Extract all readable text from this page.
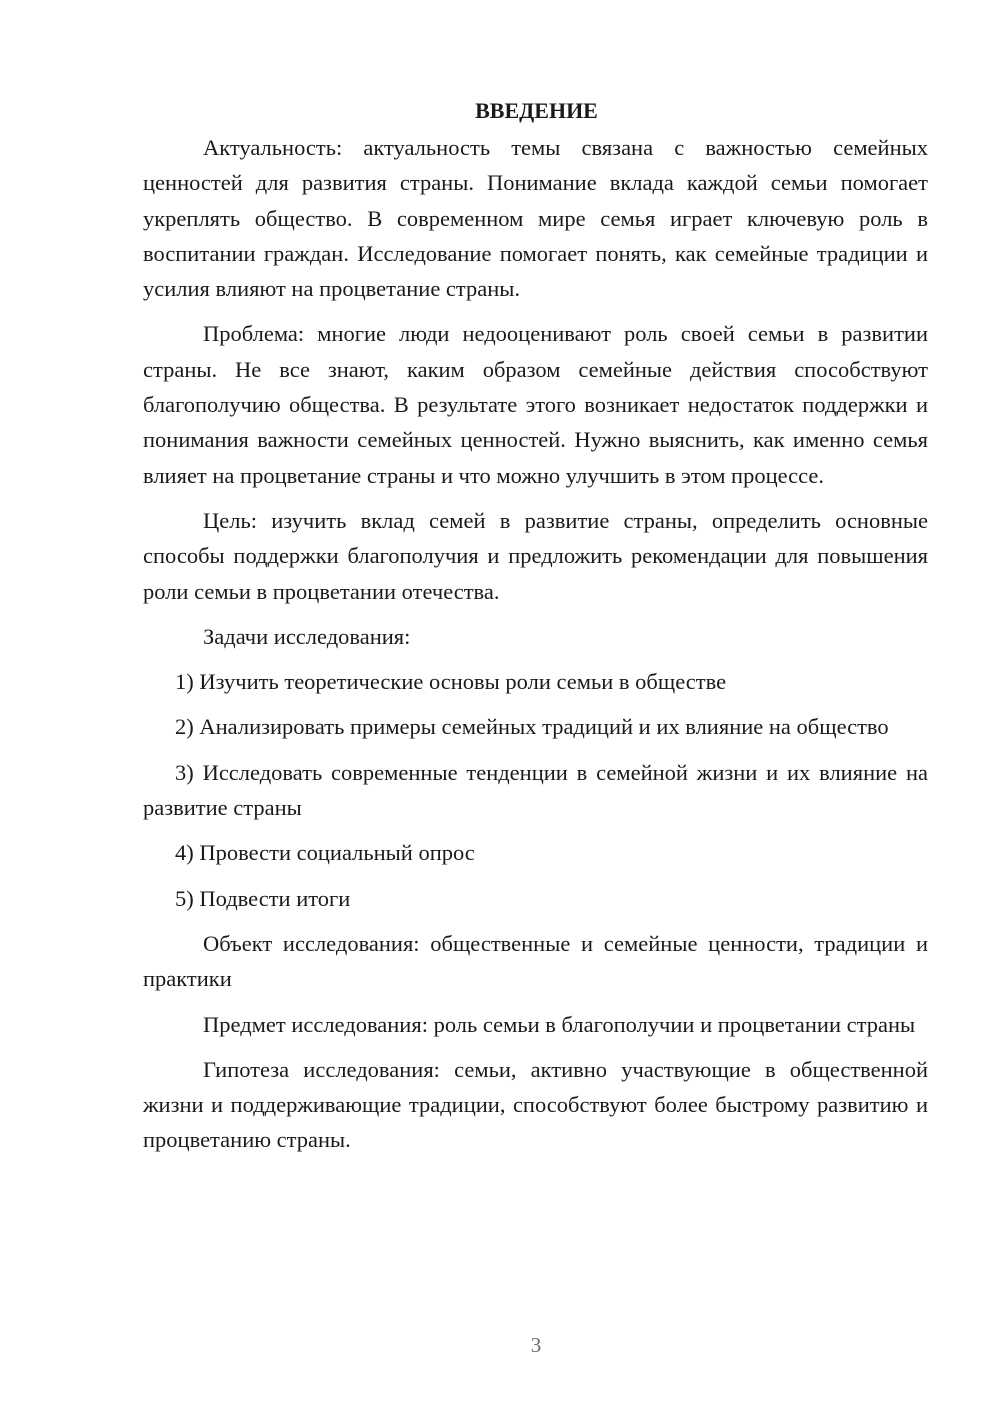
ВВЕДЕНИЕ

Актуальность: актуальность темы связана с важностью семейных ценностей для развития страны. Понимание вклада каждой семьи помогает укреплять общество. В современном мире семья играет ключевую роль в воспитании граждан. Исследование помогает понять, как семейные традиции и усилия влияют на процветание страны.

Проблема: многие люди недооценивают роль своей семьи в развитии страны. Не все знают, каким образом семейные действия способствуют благополучию общества. В результате этого возникает недостаток поддержки и понимания важности семейных ценностей. Нужно выяснить, как именно семья влияет на процветание страны и что можно улучшить в этом процессе.

Цель: изучить вклад семей в развитие страны, определить основные способы поддержки благополучия и предложить рекомендации для повышения роли семьи в процветании отечества.

Задачи исследования:

1) Изучить теоретические основы роли семьи в обществе

2) Анализировать примеры семейных традиций и их влияние на общество

3) Исследовать современные тенденции в семейной жизни и их влияние на развитие страны

4) Провести социальный опрос

5) Подвести итоги

Объект исследования: общественные и семейные ценности, традиции и практики

Предмет исследования: роль семьи в благополучии и процветании страны

Гипотеза исследования: семьи, активно участвующие в общественной жизни и поддерживающие традиции, способствуют более быстрому развитию и процветанию страны.

3
